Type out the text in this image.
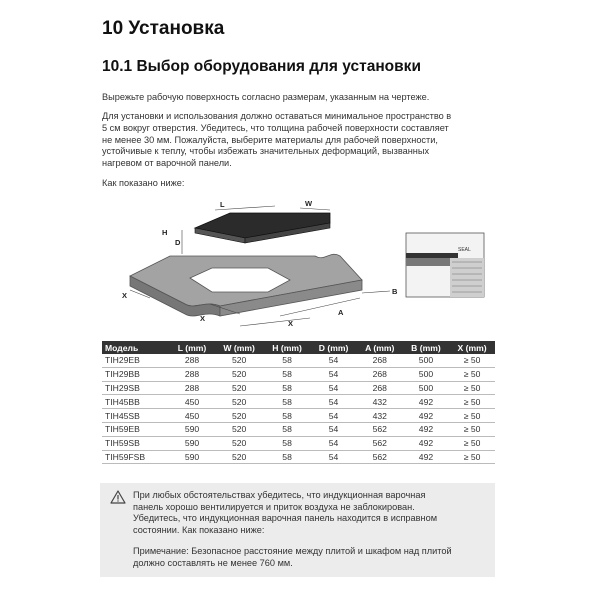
10 Установка
10.1 Выбор оборудования для установки
Вырежьте рабочую поверхность согласно размерам, указанным на чертеже.
Для установки и использования должно оставаться минимальное пространство в
5 см вокруг отверстия. Убедитесь, что толщина рабочей поверхности составляет
не менее 30 мм. Пожалуйста, выберите материалы для рабочей поверхности,
устойчивые к теплу, чтобы избежать значительных деформаций, вызванных
нагревом от варочной панели.
Как показано ниже:
L	W
H
D
X
X
X
A
B
SEAL
Модель	L (mm)	W (mm)	H (mm)	D (mm)	A (mm)	B (mm)	X (mm)
TIH29EB	288	520	58	54	268	500	≥ 50
TIH29BB	288	520	58	54	268	500	≥ 50
TIH29SB	288	520	58	54	268	500	≥ 50
TIH45BB	450	520	58	54	432	492	≥ 50
TIH45SB	450	520	58	54	432	492	≥ 50
TIH59EB	590	520	58	54	562	492	≥ 50
TIH59SB	590	520	58	54	562	492	≥ 50
TIH59FSB	590	520	58	54	562	492	≥ 50
При любых обстоятельствах убедитесь, что индукционная варочная
панель хорошо вентилируется и приток воздуха не заблокирован.
Убедитесь, что индукционная варочная панель находится в исправном
состоянии. Как показано ниже:
Примечание: Безопасное расстояние между плитой и шкафом над плитой
должно составлять не менее 760 мм.
